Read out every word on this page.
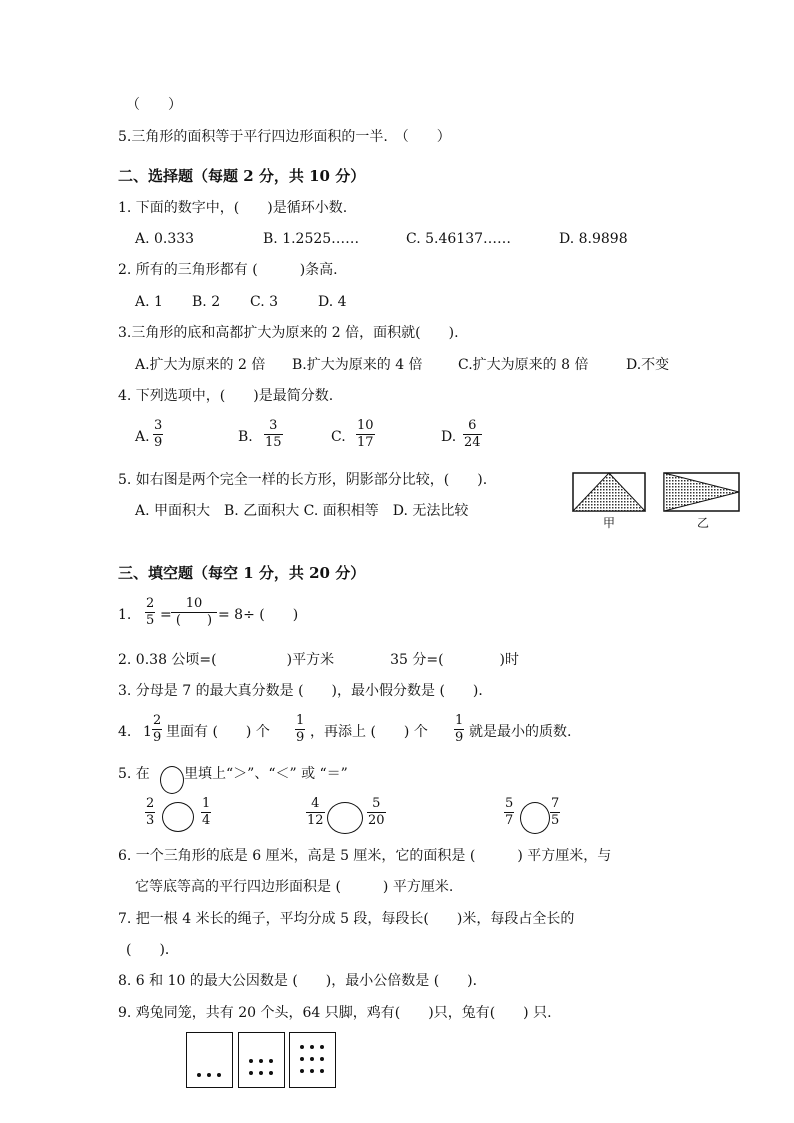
（　　）
5.三角形的面积等于平行四边形面积的一半.　（　　）
二、选择题（每题 2 分，共 10 分）
1. 下面的数字中，(　　)是循环小数.
A. 0.333	B. 1.2525……	C. 5.46137……	D. 8.9898
2. 所有的三角形都有 (　　　)条高.
A. 1 B. 2 C. 3	D. 4
3.三角形的底和高都扩大为原来的 2 倍，面积就(　　).
A.扩大为原来的 2 倍 B.扩大为原来的 4 倍	C.扩大为原来的 8 倍	D.不变
4. 下列选项中，(　　)是最简分数.
A.
3
9	B.
3
15	C.
10
17	D.
6
24
5. 如右图是两个完全一样的长方形，阴影部分比较，(　　).
A. 甲面积大　B. 乙面积大 C. 面积相等　D. 无法比较
甲	乙
三、填空题（每空 1 分，共 20 分）
1.
2
5 =
10
(　　) = 8÷ (　　)
2. 0.38 公顷=(　　　　　)平方米　　　　35 分=(　　　　)时
3. 分母是 7 的最大真分数是 (　　)，最小假分数是 (　　)．
4. 1
2
9 里面有 (　　) 个
1
9 ，再添上 (　　) 个
1
9 就是最小的质数.
5. 在 里填上“＞”、“＜” 或 “＝”
2
3
1
4
4
12
5
20
5
7
7
5
6. 一个三角形的底是 6 厘米，高是 5 厘米，它的面积是 (　　　) 平方厘米，与
它等底等高的平行四边形面积是 (　　　) 平方厘米.
7. 把一根 4 米长的绳子，平均分成 5 段，每段长(　　)米，每段占全长的
(　　)．
8. 6 和 10 的最大公因数是 (　　)，最小公倍数是 (　　)．
9. 鸡兔同笼，共有 20 个头，64 只脚，鸡有(　　)只，兔有(　　) 只.
